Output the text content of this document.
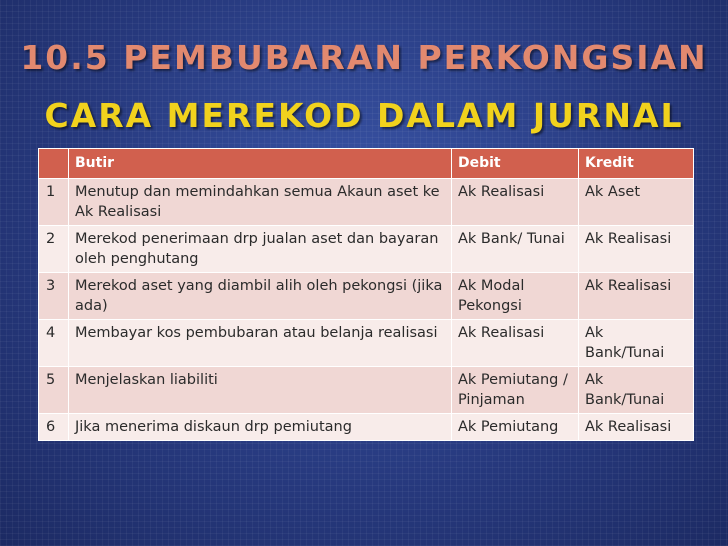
10.5 PEMBUBARAN PERKONGSIAN
CARA MEREKOD DALAM JURNAL
	Butir	Debit	Kredit
1	Menutup dan memindahkan semua Akaun aset ke Ak Realisasi	Ak Realisasi	Ak Aset
2	Merekod penerimaan drp jualan aset dan bayaran oleh penghutang	Ak Bank/ Tunai	Ak Realisasi
3	Merekod aset yang diambil alih oleh pekongsi (jika ada)	Ak Modal Pekongsi	Ak Realisasi
4	Membayar kos pembubaran atau belanja realisasi	Ak Realisasi	Ak Bank/Tunai
5	Menjelaskan liabiliti	Ak Pemiutang / Pinjaman	Ak Bank/Tunai
6	Jika menerima diskaun drp pemiutang	Ak Pemiutang	Ak Realisasi
